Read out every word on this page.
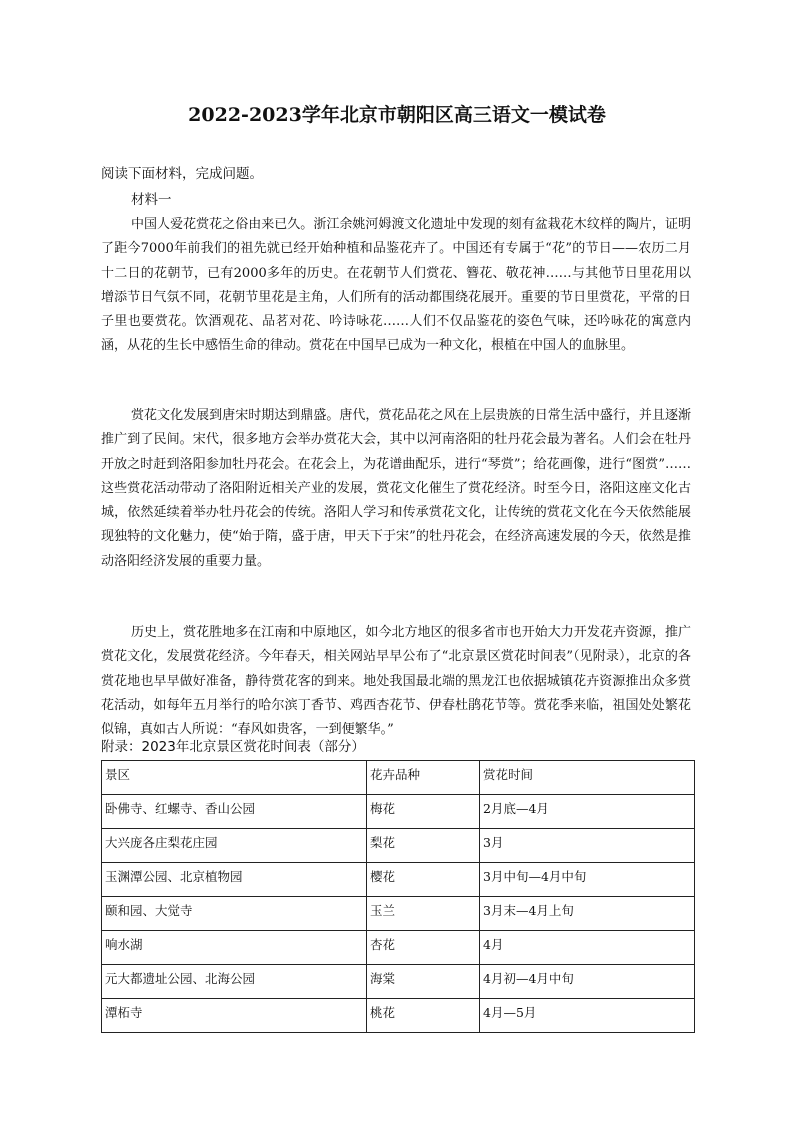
2022-2023学年北京市朝阳区高三语文一模试卷
阅读下面材料，完成问题。
材料一

中国人爱花赏花之俗由来已久。浙江余姚河姆渡文化遗址中发现的刻有盆栽花木纹样的陶片，证明了距今7000年前我们的祖先就已经开始种植和品鉴花卉了。中国还有专属于“花”的节日——农历二月十二日的花朝节，已有2000多年的历史。在花朝节人们赏花、簪花、敬花神……与其他节日里花用以增添节日气氛不同，花朝节里花是主角，人们所有的活动都围绕花展开。重要的节日里赏花，平常的日子里也要赏花。饮酒观花、品茗对花、吟诗咏花……人们不仅品鉴花的姿色气味，还吟咏花的寓意内涵，从花的生长中感悟生命的律动。赏花在中国早已成为一种文化，根植在中国人的血脉里。

赏花文化发展到唐宋时期达到鼎盛。唐代，赏花品花之风在上层贵族的日常生活中盛行，并且逐渐推广到了民间。宋代，很多地方会举办赏花大会，其中以河南洛阳的牡丹花会最为著名。人们会在牡丹开放之时赶到洛阳参加牡丹花会。在花会上，为花谱曲配乐，进行“琴赏”；给花画像，进行“图赏”……这些赏花活动带动了洛阳附近相关产业的发展，赏花文化催生了赏花经济。时至今日，洛阳这座文化古城，依然延续着举办牡丹花会的传统。洛阳人学习和传承赏花文化，让传统的赏花文化在今天依然能展现独特的文化魅力，使“始于隋，盛于唐，甲天下于宋”的牡丹花会，在经济高速发展的今天，依然是推动洛阳经济发展的重要力量。

历史上，赏花胜地多在江南和中原地区，如今北方地区的很多省市也开始大力开发花卉资源，推广赏花文化，发展赏花经济。今年春天，相关网站早早公布了“北京景区赏花时间表”（见附录），北京的各赏花地也早早做好准备，静待赏花客的到来。地处我国最北端的黑龙江也依据城镇花卉资源推出众多赏花活动，如每年五月举行的哈尔滨丁香节、鸡西杏花节、伊春杜鹃花节等。赏花季来临，祖国处处繁花似锦，真如古人所说：“春风如贵客，一到便繁华。”

附录：2023年北京景区赏花时间表（部分）
景区	花卉品种	赏花时间
卧佛寺、红螺寺、香山公园	梅花	2月底—4月
大兴庞各庄梨花庄园	梨花	3月
玉渊潭公园、北京植物园	樱花	3月中旬—4月中旬
颐和园、大觉寺	玉兰	3月末—4月上旬
响水湖	杏花	4月
元大都遗址公园、北海公园	海棠	4月初—4月中旬
潭柘寺	桃花	4月—5月
